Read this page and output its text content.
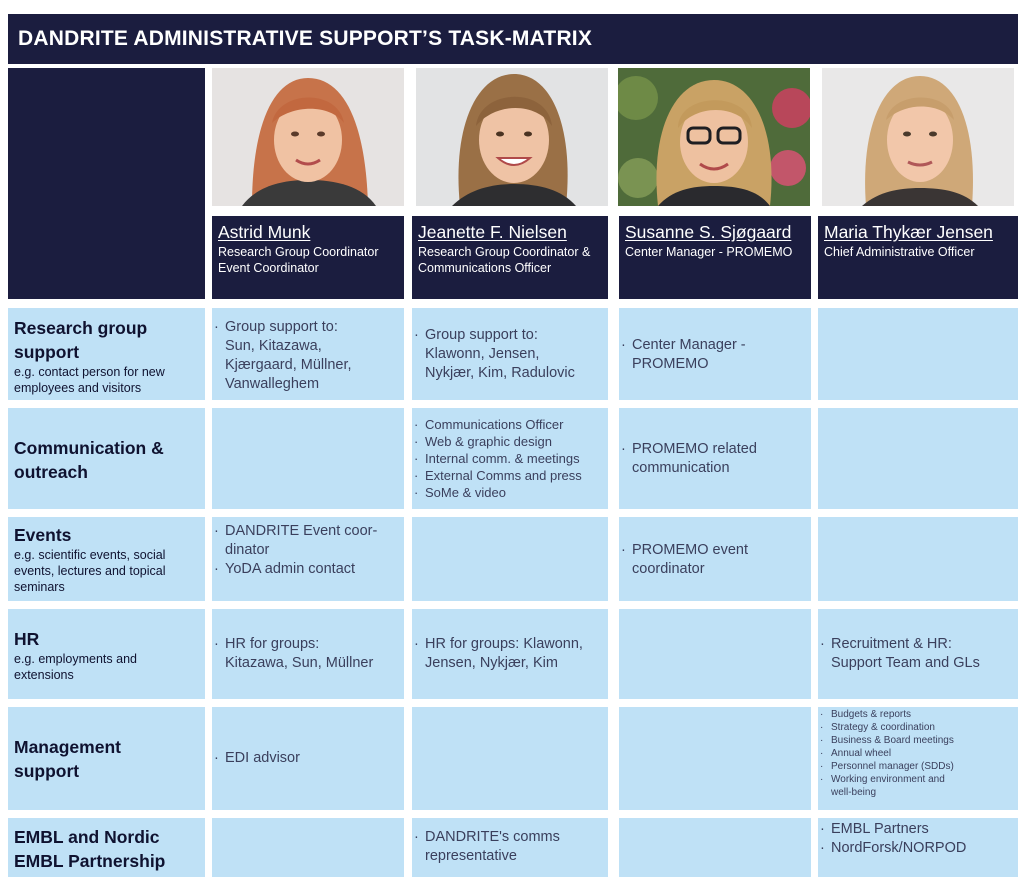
DANDRITE ADMINISTRATIVE SUPPORT’S TASK-MATRIX
Astrid Munk
Research Group Coordinator
Event Coordinator
Jeanette F. Nielsen
Research Group Coordinator &
Communications Officer
Susanne S. Sjøgaard
Center Manager - PROMEMO
Maria Thykær Jensen
Chief Administrative Officer
Research group
support
e.g. contact person for new employees and visitors
Communication &
outreach
Events
e.g. scientific events, social events, lectures and topical seminars
HR
e.g. employments and extensions
Management
support
EMBL and Nordic
EMBL Partnership
· Group support to:
Sun, Kitazawa,
Kjærgaard, Müllner,
Vanwalleghem
· Group support to:
Klawonn, Jensen,
Nykjær, Kim, Radulovic
· Center Manager -
PROMEMO
· Communications Officer
· Web & graphic design
· Internal comm. & meetings
· External Comms and press
· SoMe & video
· PROMEMO related
communication
· DANDRITE Event coor-
dinator
· YoDA admin contact
· PROMEMO event
coordinator
· HR for groups:
Kitazawa, Sun, Müllner
· HR for groups: Klawonn,
Jensen, Nykjær, Kim
· Recruitment & HR:
Support Team and GLs
· EDI advisor
· Budgets & reports
· Strategy & coordination
· Business & Board meetings
· Annual wheel
· Personnel manager (SDDs)
· Working environment and
well-being
· DANDRITE's comms
representative
· EMBL Partners
· NordForsk/NORPOD
